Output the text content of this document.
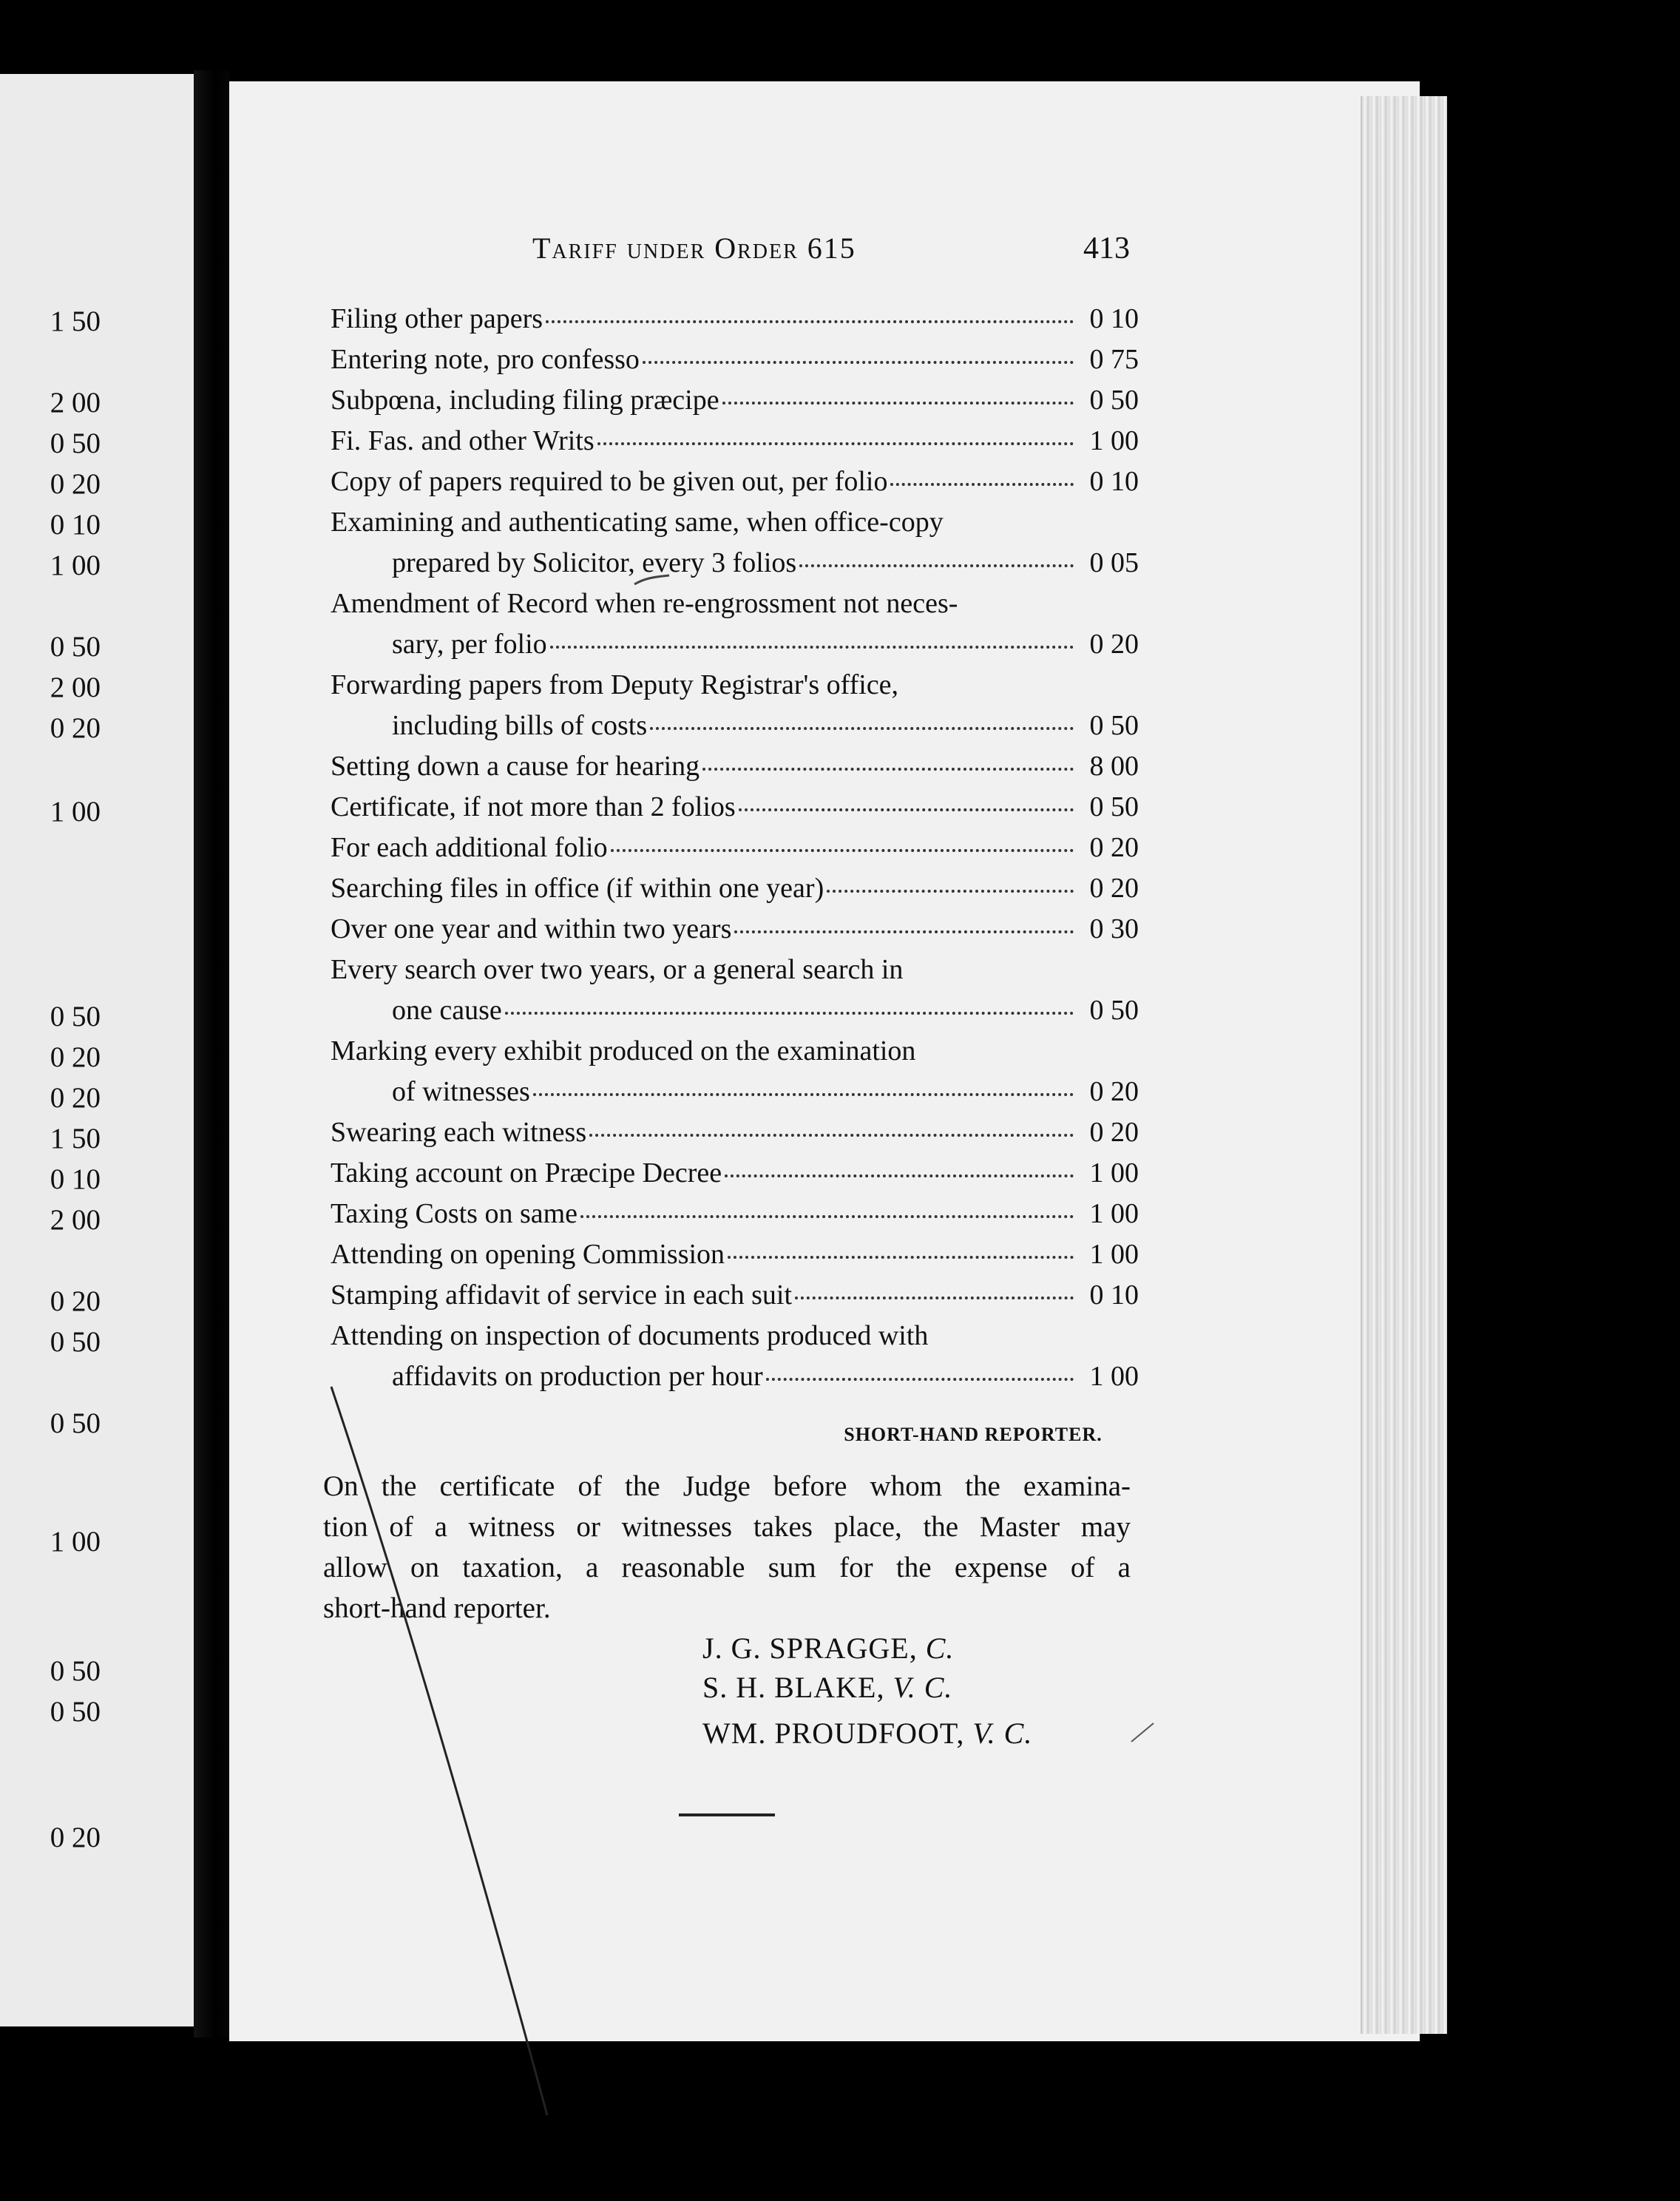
1 50
2 00
0 50
0 20
0 10
1 00
0 50
2 00
0 20
1 00
0 50
0 20
0 20
1 50
0 10
2 00
0 20
0 50
0 50
1 00
0 50
0 50
0 20
Tariff under Order 615	413
Filing other papers	0 10
Entering note, pro confesso	0 75
Subpœna, including filing præcipe	0 50
Fi. Fas. and other Writs	1 00
Copy of papers required to be given out, per folio	0 10
Examining and authenticating same, when office-copy
prepared by Solicitor, every 3 folios	0 05
Amendment of Record when re-engrossment not neces-
sary, per folio	0 20
Forwarding papers from Deputy Registrar's office,
including bills of costs	0 50
Setting down a cause for hearing	8 00
Certificate, if not more than 2 folios	0 50
For each additional folio	0 20
Searching files in office (if within one year)	0 20
Over one year and within two years	0 30
Every search over two years, or a general search in
one cause	0 50
Marking every exhibit produced on the examination
of witnesses	0 20
Swearing each witness	0 20
Taking account on Præcipe Decree	1 00
Taxing Costs on same	1 00
Attending on opening Commission	1 00
Stamping affidavit of service in each suit	0 10
Attending on inspection of documents produced with
affidavits on production per hour	1 00
SHORT-HAND REPORTER.
On the certificate of the Judge before whom the examina-
tion of a witness or witnesses takes place, the Master may
allow on taxation, a reasonable sum for the expense of a
short-hand reporter.
J. G. SPRAGGE, C.
S. H. BLAKE, V. C.
WM. PROUDFOOT, V. C.
